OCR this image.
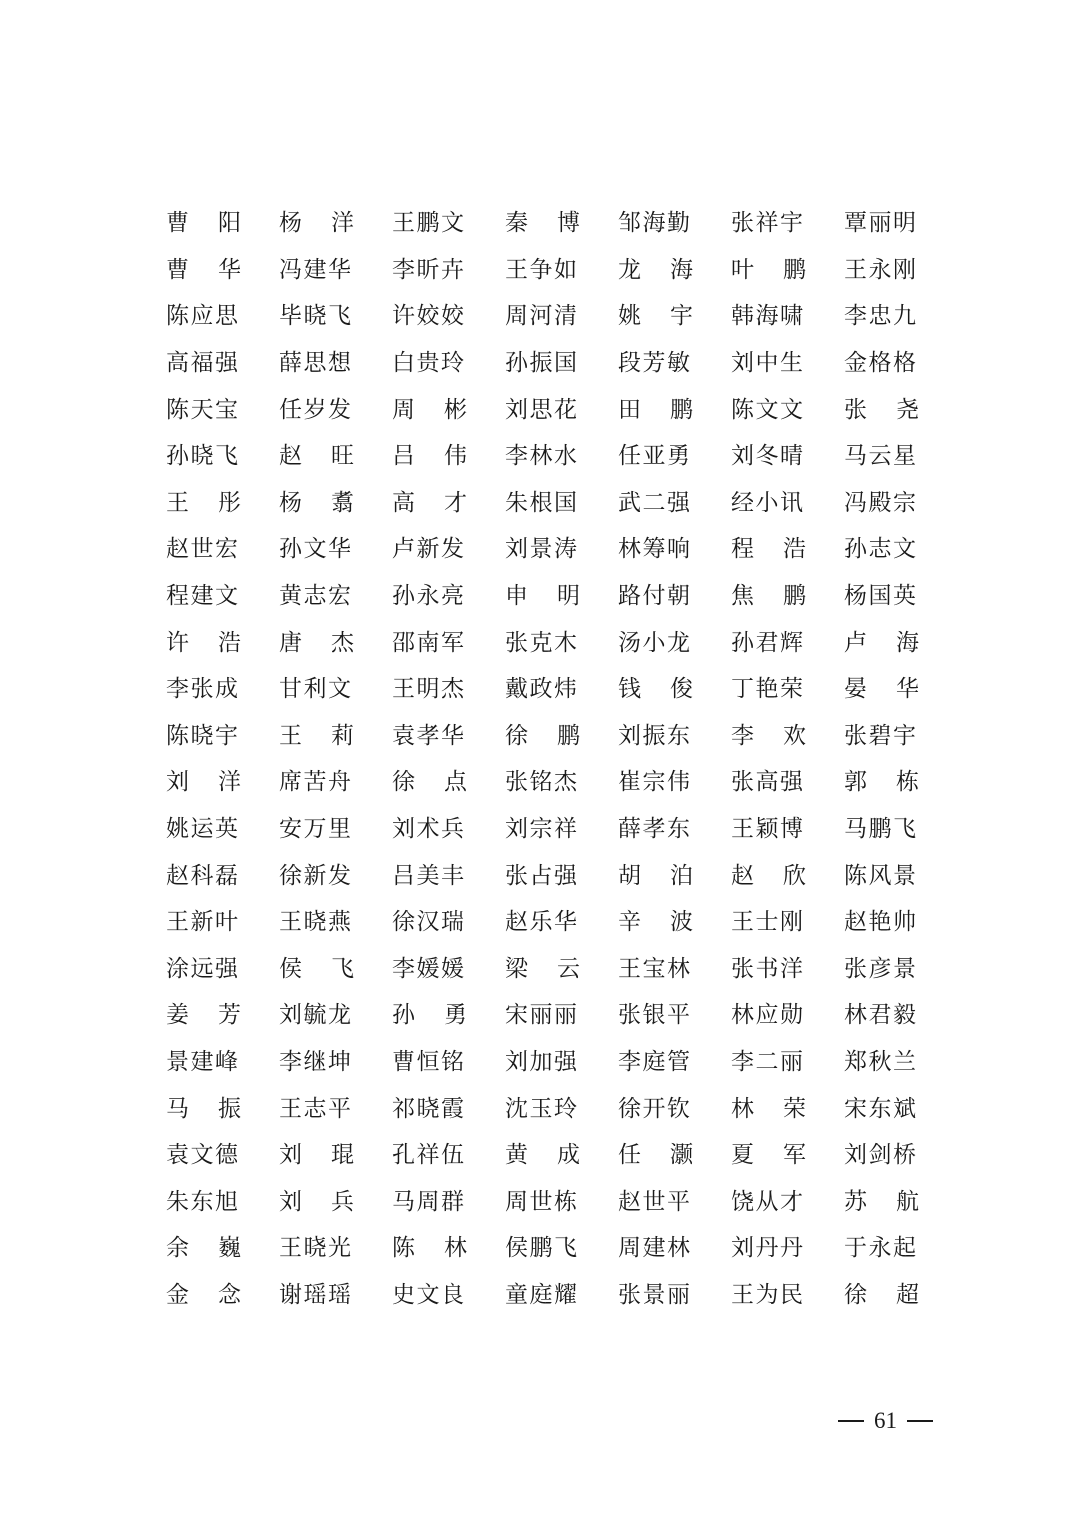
曹 阳 杨 洋 王鹏文 秦 博 邹海勤 张祥宇 覃丽明
曹 华 冯建华 李昕卉 王争如 龙 海 叶 鹏 王永刚
陈应思 毕晓飞 许姣姣 周河清 姚 宇 韩海啸 李忠九
高福强 薛思想 白贵玲 孙振国 段芳敏 刘中生 金格格
陈天宝 任岁发 周 彬 刘思花 田 鹏 陈文文 张 尧
孙晓飞 赵 旺 吕 伟 李林水 任亚勇 刘冬晴 马云星
王 彤 杨 翥 高 才 朱根国 武二强 经小讯 冯殿宗
赵世宏 孙文华 卢新发 刘景涛 林筹响 程 浩 孙志文
程建文 黄志宏 孙永亮 申 明 路付朝 焦 鹏 杨国英
许 浩 唐 杰 邵南军 张克木 汤小龙 孙君辉 卢 海
李张成 甘利文 王明杰 戴政炜 钱 俊 丁艳荣 晏 华
陈晓宇 王 莉 袁孝华 徐 鹏 刘振东 李 欢 张碧宇
刘 洋 席苦舟 徐 点 张铭杰 崔宗伟 张高强 郭 栋
姚运英 安万里 刘术兵 刘宗祥 薛孝东 王颖博 马鹏飞
赵科磊 徐新发 吕美丰 张占强 胡 泊 赵 欣 陈风景
王新叶 王晓燕 徐汉瑞 赵乐华 辛 波 王士刚 赵艳帅
涂远强 侯 飞 李媛媛 梁 云 王宝林 张书洋 张彦景
姜 芳 刘毓龙 孙 勇 宋丽丽 张银平 林应勋 林君毅
景建峰 李继坤 曹恒铭 刘加强 李庭管 李二丽 郑秋兰
马 振 王志平 祁晓霞 沈玉玲 徐开钦 林 荣 宋东斌
袁文德 刘 琨 孔祥伍 黄 成 任 灏 夏 军 刘剑桥
朱东旭 刘 兵 马周群 周世栋 赵世平 饶从才 苏 航
余 巍 王晓光 陈 林 侯鹏飞 周建林 刘丹丹 于永起
金 念 谢瑶瑶 史文良 童庭耀 张景丽 王为民 徐 超
61
